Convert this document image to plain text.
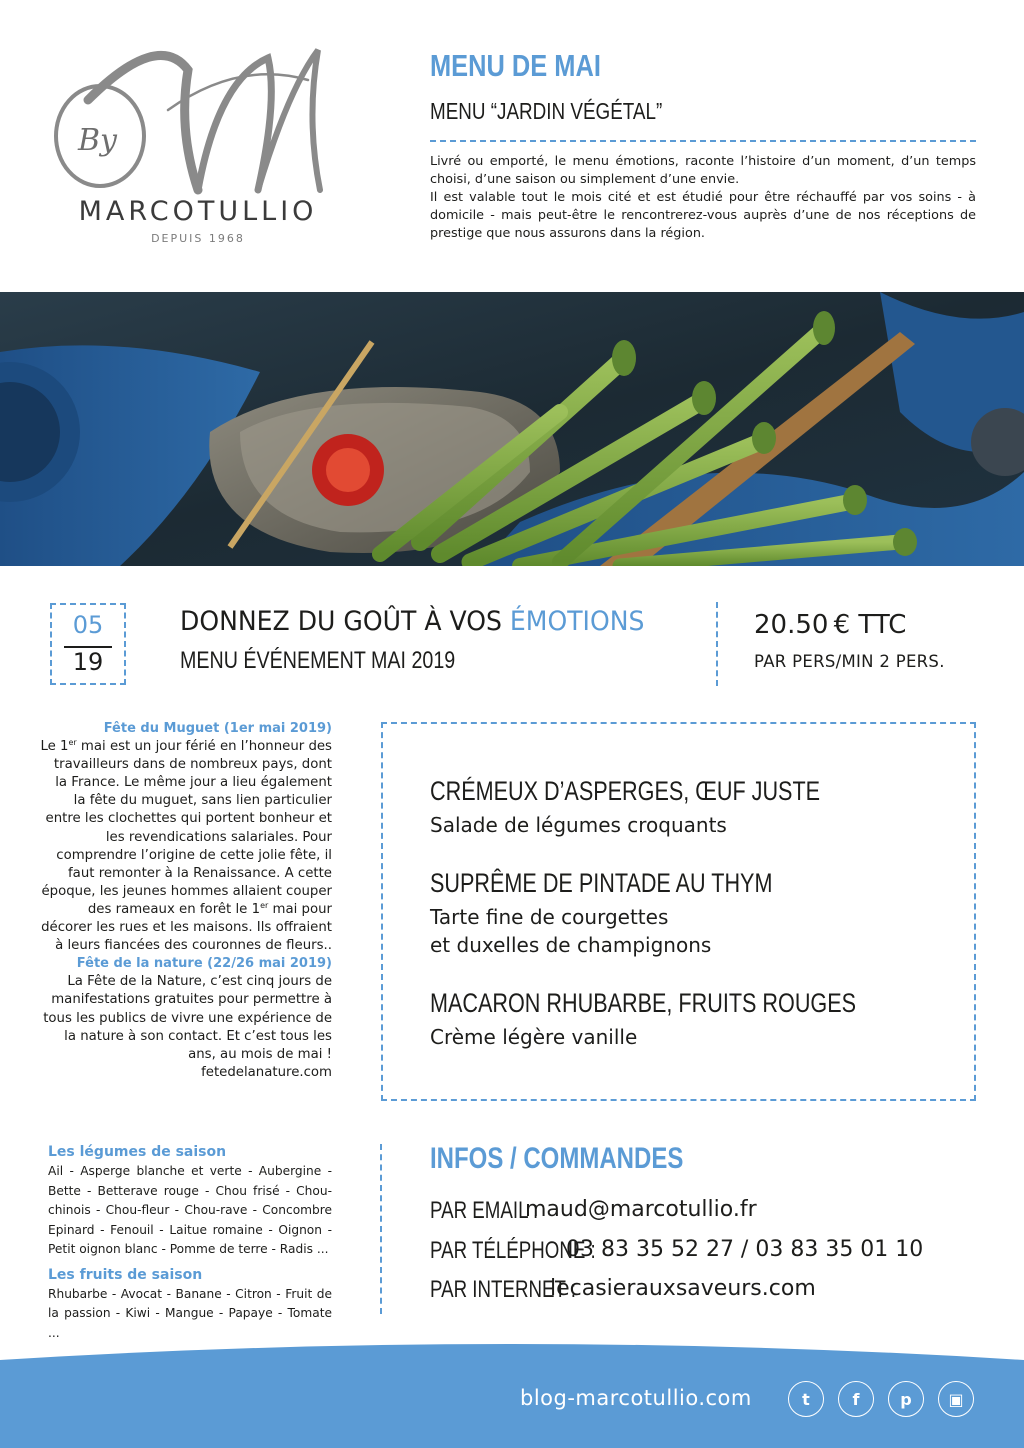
By
MARCOTULLIO
DEPUIS 1968
MENU DE MAI
MENU “JARDIN VÉGÉTAL”

Livré ou emporté, le menu émotions, raconte l’histoire d’un moment, d’un temps choisi, d’une saison ou simplement d’une envie.

Il est valable tout le mois cité et est étudié pour être réchauffé par vos soins - à domicile - mais peut-être le rencontrerez-vous auprès d’une de nos réceptions de prestige que nous assurons dans la région.

05
19
DONNEZ DU GOÛT À VOS ÉMOTIONS
MENU ÉVÉNEMENT MAI 2019
20.50 € TTC
PAR PERS/MIN 2 PERS.
Fête du Muguet (1er mai 2019)
Le 1er mai est un jour férié en l’honneur des travailleurs dans de nombreux pays, dont la France. Le même jour a lieu également la fête du muguet, sans lien particulier entre les clochettes qui portent bonheur et les revendications salariales. Pour comprendre l’origine de cette jolie fête, il faut remonter à la Renaissance. A cette époque, les jeunes hommes allaient couper des rameaux en forêt le 1er mai pour décorer les rues et les maisons. Ils offraient à leurs fiancées des couronnes de fleurs..
Fête de la nature (22/26 mai 2019)
La Fête de la Nature, c’est cinq jours de manifestations gratuites pour permettre à tous les publics de vivre une expérience de la nature à son contact. Et c’est tous les ans, au mois de mai !
fetedelanature.com
CRÉMEUX D’ASPERGES, ŒUF JUSTE
Salade de légumes croquants
SUPRÊME DE PINTADE AU THYM
Tarte fine de courgettes
et duxelles de champignons
MACARON RHUBARBE, FRUITS ROUGES
Crème légère vanille
Les légumes de saison
Ail - Asperge blanche et verte - Aubergine - Bette - Betterave rouge - Chou frisé - Chou-chinois - Chou-fleur - Chou-rave - Concombre Epinard - Fenouil - Laitue romaine - Oignon - Petit oignon blanc - Pomme de terre - Radis ...
Les fruits de saison
Rhubarbe - Avocat - Banane - Citron - Fruit de la passion - Kiwi - Mangue - Papaye - Tomate ...
INFOS / COMMANDES
PAR EMAIL :
maud@marcotullio.fr
PAR TÉLÉPHONE :
03 83 35 52 27 / 03 83 35 01 10
PAR INTERNET :
lecasierauxsaveurs.com
blog-marcotullio.com	t	f	p	▣
